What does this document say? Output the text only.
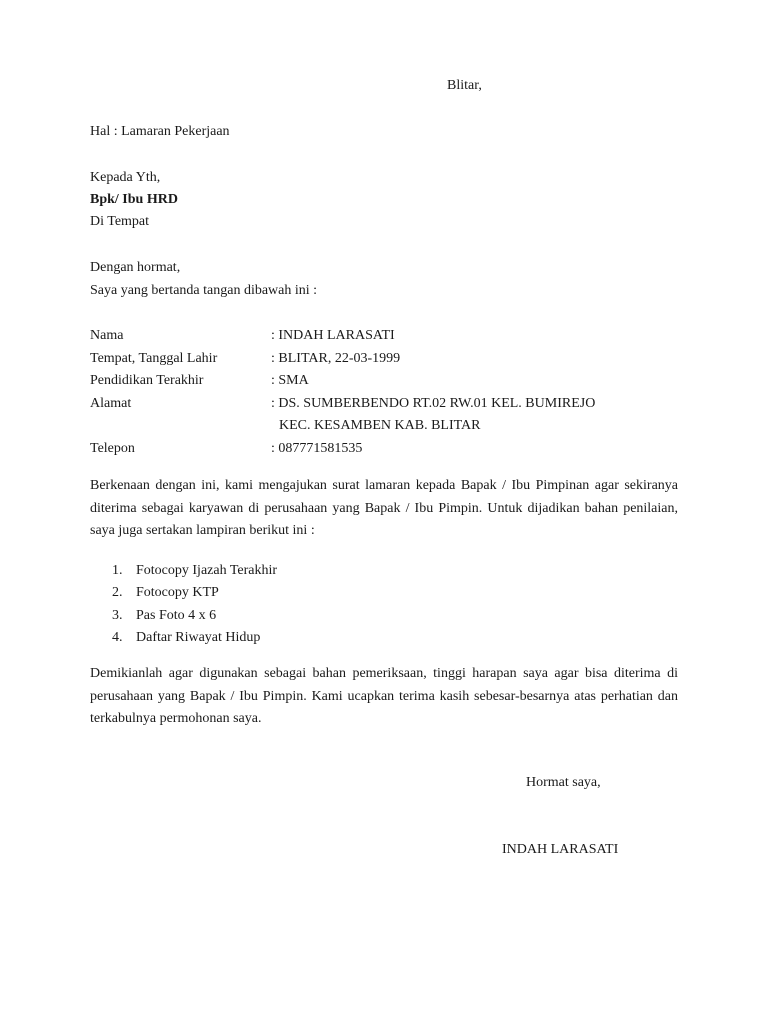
Blitar,
Hal : Lamaran Pekerjaan
Kepada Yth,
Bpk/ Ibu HRD
Di Tempat
Dengan hormat,
Saya yang bertanda tangan dibawah ini :
Nama	: INDAH LARASATI
Tempat, Tanggal Lahir	: BLITAR, 22-03-1999
Pendidikan Terakhir	: SMA
Alamat	: DS. SUMBERBENDO RT.02 RW.01 KEL. BUMIREJO
KEC. KESAMBEN KAB. BLITAR
Telepon	: 087771581535
Berkenaan dengan ini, kami mengajukan surat lamaran kepada Bapak / Ibu Pimpinan agar sekiranya diterima sebagai karyawan di perusahaan yang Bapak / Ibu Pimpin. Untuk dijadikan bahan penilaian, saya juga sertakan lampiran berikut ini :
1. Fotocopy Ijazah Terakhir
2. Fotocopy KTP
3. Pas Foto 4 x 6
4. Daftar Riwayat Hidup
Demikianlah agar digunakan sebagai bahan pemeriksaan, tinggi harapan saya agar bisa diterima di perusahaan yang Bapak / Ibu Pimpin. Kami ucapkan terima kasih sebesar-besarnya atas perhatian dan terkabulnya permohonan saya.
Hormat saya,
INDAH LARASATI
